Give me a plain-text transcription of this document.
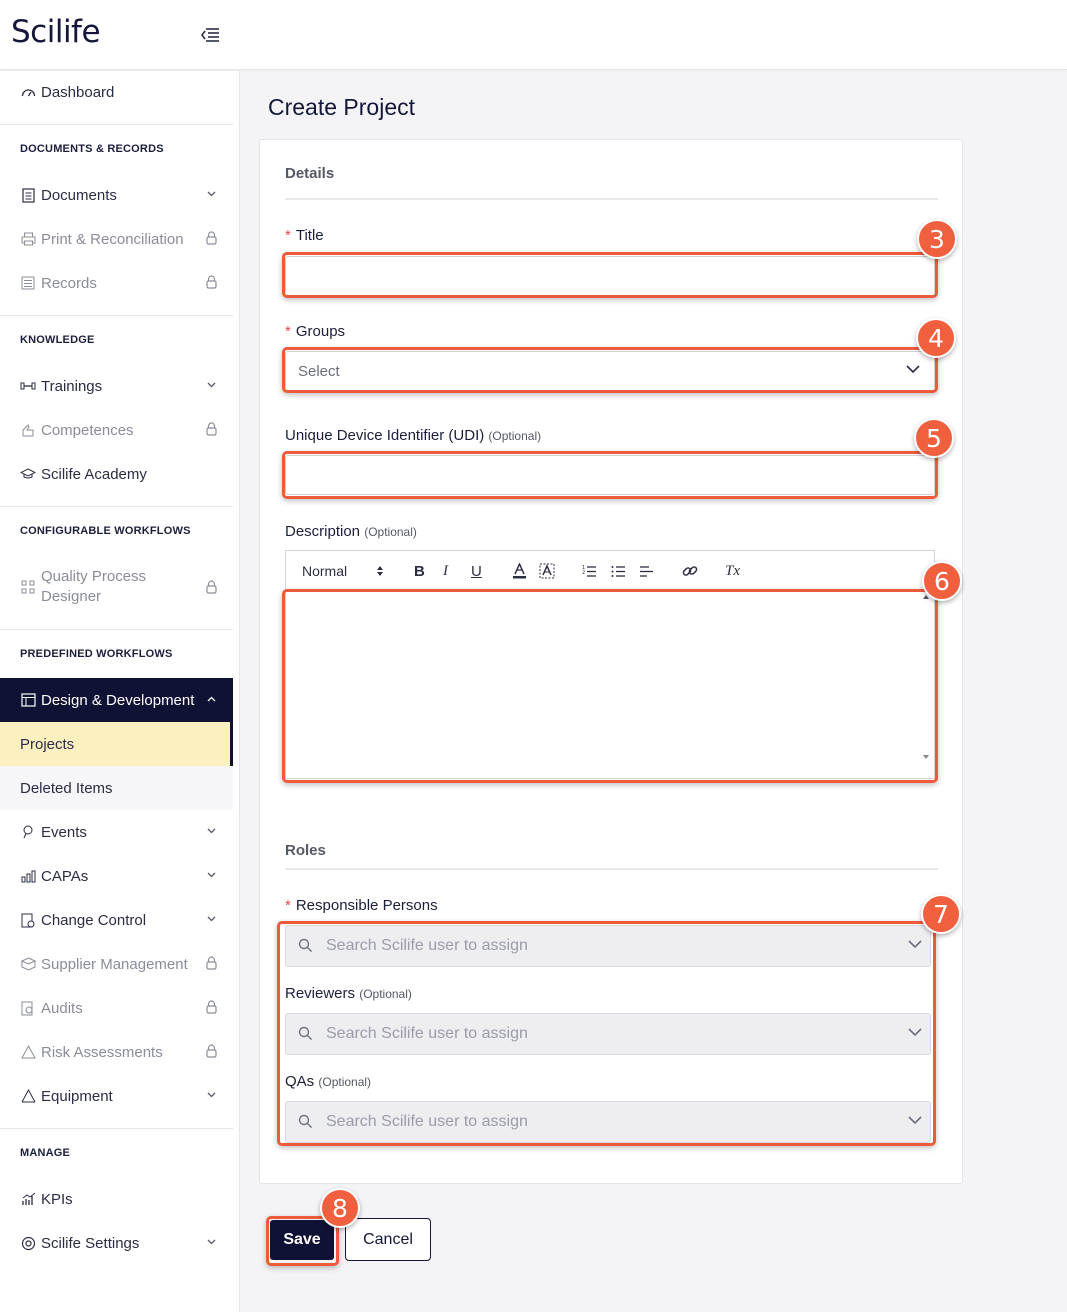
Scilife
Dashboard
DOCUMENTS & RECORDS
Documents
Print & Reconciliation
Records
KNOWLEDGE
Trainings
Competences
Scilife Academy
CONFIGURABLE WORKFLOWS
Quality Process
Designer
PREDEFINED WORKFLOWS
Design & Development
Projects
Deleted Items
Events
CAPAs
Change Control
Supplier Management
Audits
Risk Assessments
Equipment
MANAGE
KPIs
Scilife Settings
Create Project
Details
* Title
* Groups
Select
Unique Device Identifier (UDI) (Optional)
Description (Optional)
Normal	B I U	1
2	Tx
Roles
* Responsible Persons
Search Scilife user to assign
Reviewers (Optional)
Search Scilife user to assign
QAs (Optional)
Search Scilife user to assign
Save	Cancel
3
4
5
6
7
8
